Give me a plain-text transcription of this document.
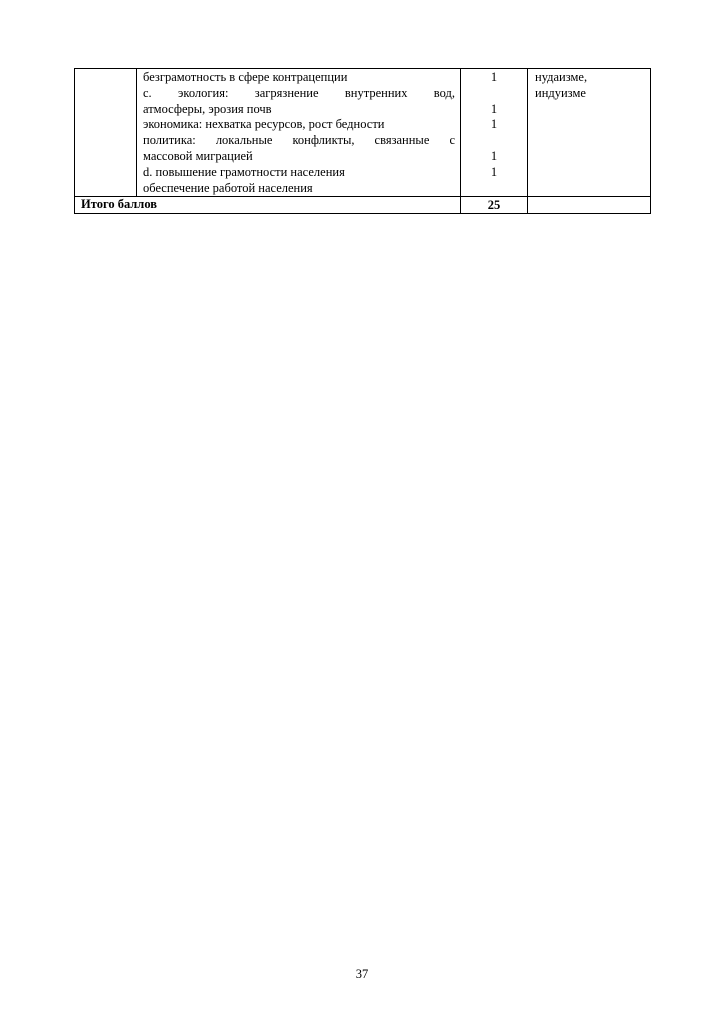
безграмотность в сфере контрацепции
c. экология: загрязнение внутренних вод,
атмосферы, эрозия почв
экономика: нехватка ресурсов, рост бедности
политика: локальные конфликты, связанные с
массовой миграцией
d. повышение грамотности населения
обеспечение работой населения
1
1
1
1
1
нудаизме,
индуизме
Итого баллов	25
37
